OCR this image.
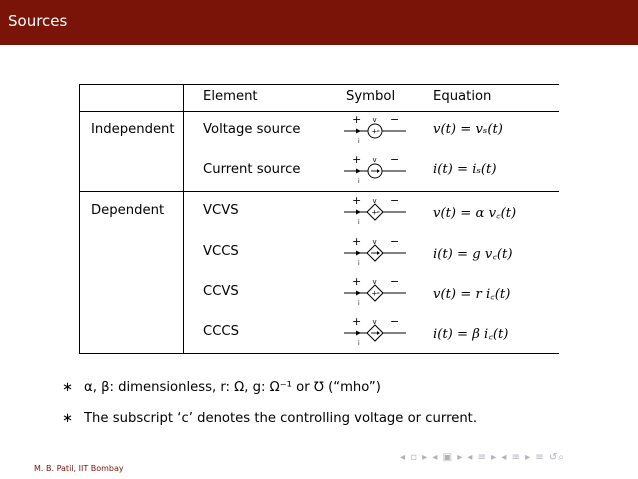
Sources
Element	Symbol	Equation
Independent
Dependent
Voltage source
Current source
VCVS
VCCS
CCVS
CCCS
v(t) = vₛ(t)
i(t) = iₛ(t)
v(t) = α v꜀(t)
i(t) = g v꜀(t)
v(t) = r i꜀(t)
i(t) = β i꜀(t)
+
+ v −
i
+ v −
i
+
+ v −
i
+ v −
i
+
+ v −
i
+ v −
i
∗ α, β: dimensionless, r: Ω, g: Ω⁻¹ or ℧ (“mho”)
∗ The subscript ‘c’ denotes the controlling voltage or current.
M. B. Patil, IIT Bombay
◂ ▫ ▸ ◂ ▣ ▸ ◂ ≡ ▸ ◂ ≡ ▸ ≡ ↺⌕
